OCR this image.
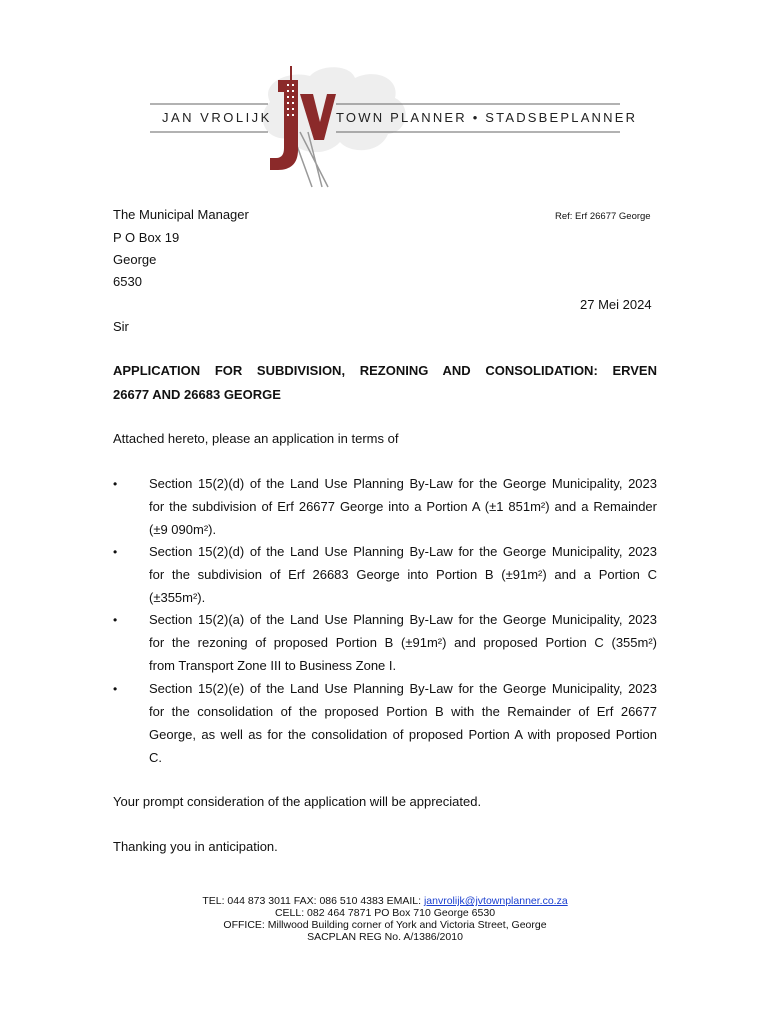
JAN VROLIJK	TOWN PLANNER • STADSBEPLANNER
The Municipal Manager	Ref: Erf 26677 George
P O Box 19
George
6530
27 Mei 2024
Sir
APPLICATION FOR SUBDIVISION, REZONING AND CONSOLIDATION: ERVEN
26677 AND 26683 GEORGE
Attached hereto, please an application in terms of
• Section 15(2)(d) of the Land Use Planning By-Law for the George Municipality, 2023
for the subdivision of Erf 26677 George into a Portion A (±1 851m²) and a Remainder
(±9 090m²).
• Section 15(2)(d) of the Land Use Planning By-Law for the George Municipality, 2023
for the subdivision of Erf 26683 George into Portion B (±91m²) and a Portion C
(±355m²).
• Section 15(2)(a) of the Land Use Planning By-Law for the George Municipality, 2023
for the rezoning of proposed Portion B (±91m²) and proposed Portion C (355m²)
from Transport Zone III to Business Zone I.
• Section 15(2)(e) of the Land Use Planning By-Law for the George Municipality, 2023
for the consolidation of the proposed Portion B with the Remainder of Erf 26677
George, as well as for the consolidation of proposed Portion A with proposed Portion
C.
Your prompt consideration of the application will be appreciated.
Thanking you in anticipation.
TEL: 044 873 3011 FAX: 086 510 4383 EMAIL: janvrolijk@jvtownplanner.co.za
CELL: 082 464 7871 PO Box 710 George 6530
OFFICE: Millwood Building corner of York and Victoria Street, George
SACPLAN REG No. A/1386/2010
